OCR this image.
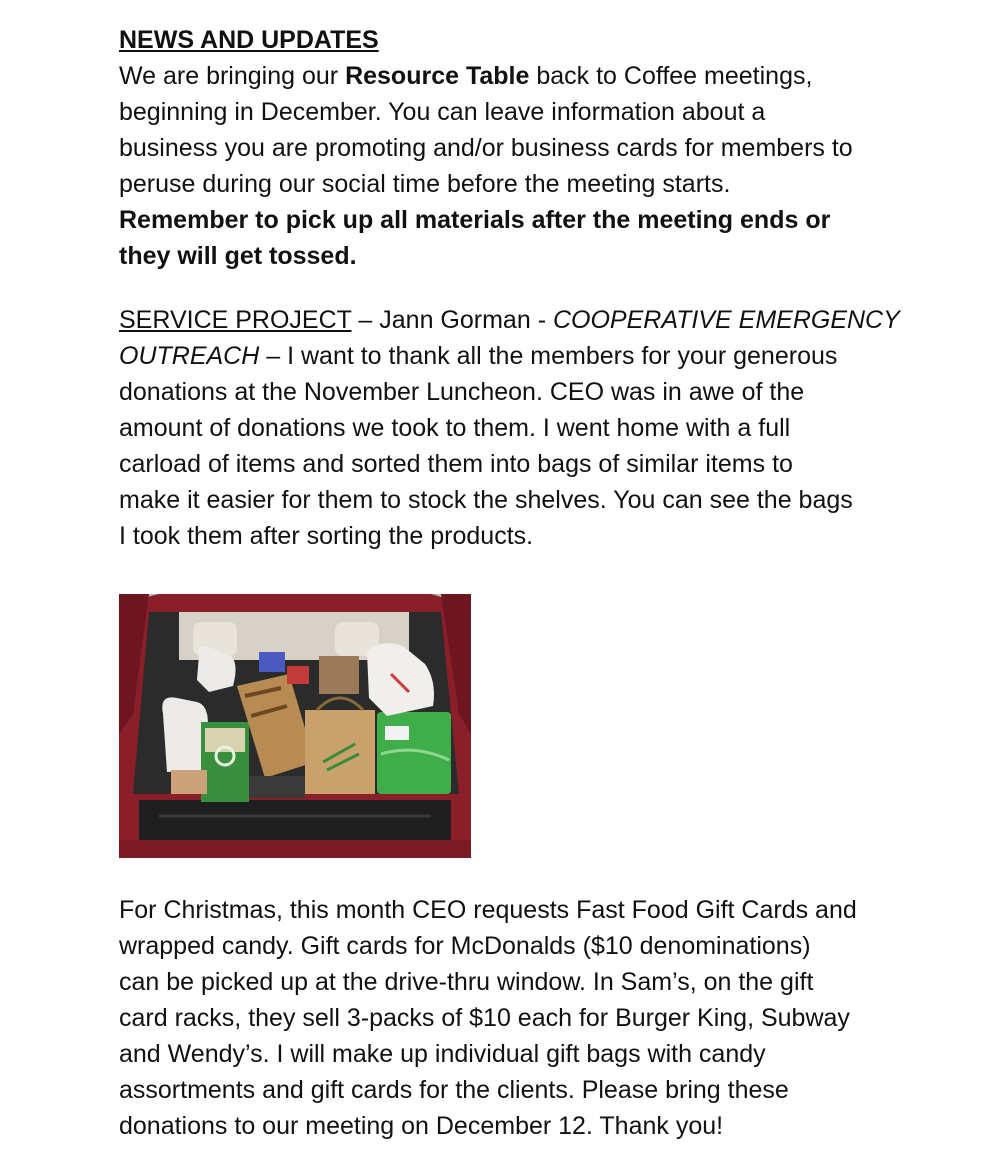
NEWS AND UPDATES
We are bringing our Resource Table back to Coffee meetings,
beginning in December. You can leave information about a
business you are promoting and/or business cards for members to
peruse during our social time before the meeting starts.
Remember to pick up all materials after the meeting ends or
they will get tossed.
SERVICE PROJECT – Jann Gorman - COOPERATIVE EMERGENCY
OUTREACH – I want to thank all the members for your generous
donations at the November Luncheon. CEO was in awe of the
amount of donations we took to them. I went home with a full
carload of items and sorted them into bags of similar items to
make it easier for them to stock the shelves. You can see the bags
I took them after sorting the products.
For Christmas, this month CEO requests Fast Food Gift Cards and
wrapped candy. Gift cards for McDonalds ($10 denominations)
can be picked up at the drive-thru window. In Sam’s, on the gift
card racks, they sell 3-packs of $10 each for Burger King, Subway
and Wendy’s. I will make up individual gift bags with candy
assortments and gift cards for the clients. Please bring these
donations to our meeting on December 12. Thank you!
